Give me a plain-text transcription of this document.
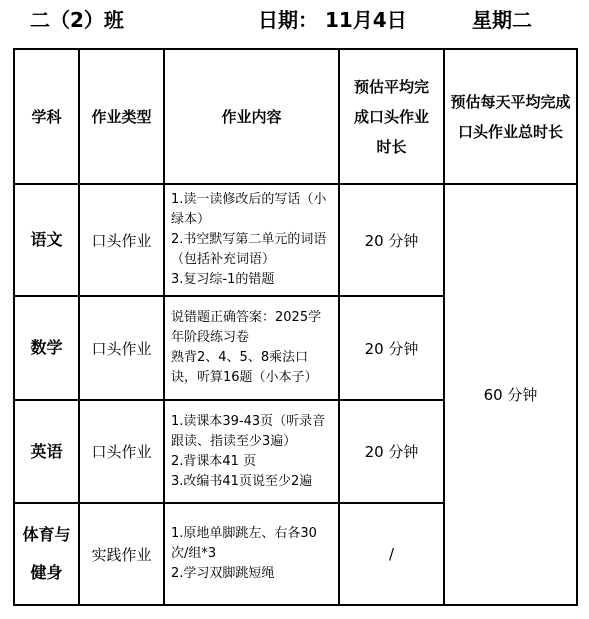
二（2）班	日期： 11月4日	星期二
学科	作业类型	作业内容	预估平均完成口头作业时长	预估每天平均完成口头作业总时长
语文	口头作业	1.读一读修改后的写话（小绿本）
2.书空默写第二单元的词语（包括补充词语）
3.复习综-1的错题	20 分钟	60 分钟
数学	口头作业	说错题正确答案：2025学年阶段练习卷
熟背2、4、5、8乘法口诀，听算16题（小本子）	20 分钟	
英语	口头作业	1.读课本39-43页（听录音跟读、指读至少3遍）
2.背课本41 页
3.改编书41页说至少2遍	20 分钟	
体育与健身	实践作业	1.原地单脚跳左、右各30次/组*3
2.学习双脚跳短绳	/	
